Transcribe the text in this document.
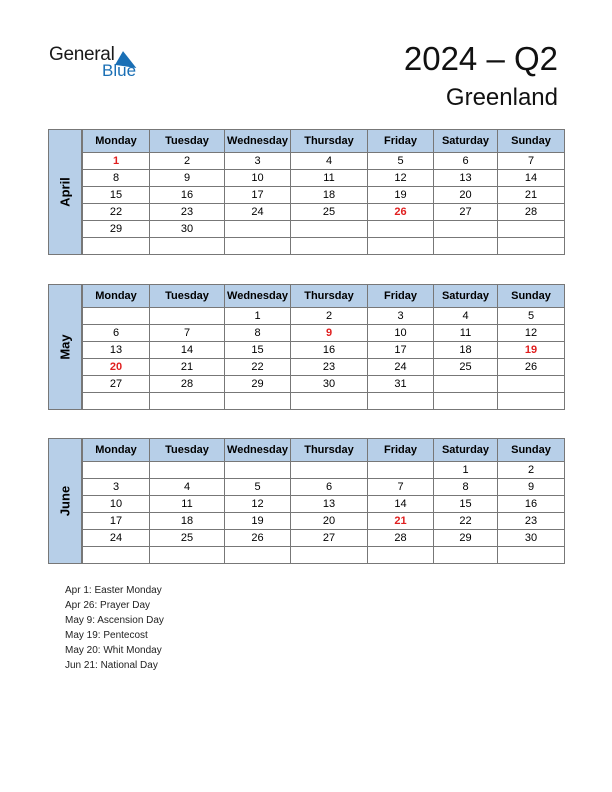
General
Blue	2024 – Q2
Greenland
April
Monday	Tuesday	Wednesday	Thursday	Friday	Saturday	Sunday
1	2	3	4	5	6	7
8	9	10	11	12	13	14
15	16	17	18	19	20	21
22	23	24	25	26	27	28
29	30					

May
Monday	Tuesday	Wednesday	Thursday	Friday	Saturday	Sunday
		1	2	3	4	5
6	7	8	9	10	11	12
13	14	15	16	17	18	19
20	21	22	23	24	25	26
27	28	29	30	31		

June
Monday	Tuesday	Wednesday	Thursday	Friday	Saturday	Sunday
					1	2
3	4	5	6	7	8	9
10	11	12	13	14	15	16
17	18	19	20	21	22	23
24	25	26	27	28	29	30

Apr 1: Easter Monday
Apr 26: Prayer Day
May 9: Ascension Day
May 19: Pentecost
May 20: Whit Monday
Jun 21: National Day
